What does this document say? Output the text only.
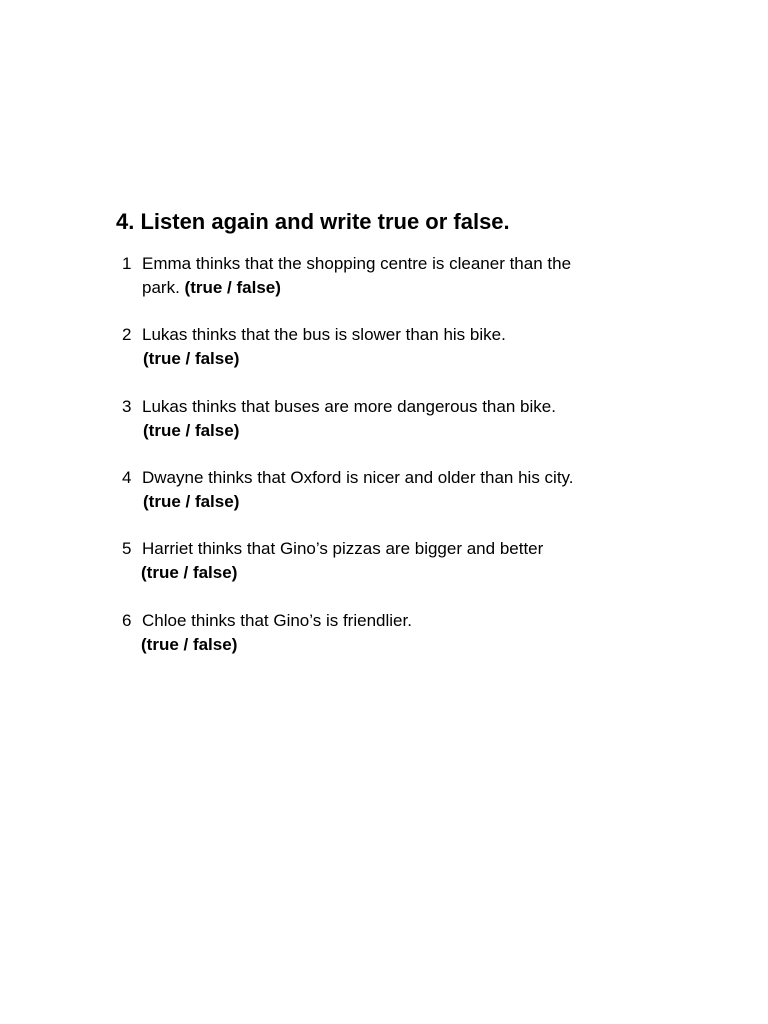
4. Listen again and write true or false.
1 Emma thinks that the shopping centre is cleaner than the
park. (true / false)
2 Lukas thinks that the bus is slower than his bike.
(true / false)
3 Lukas thinks that buses are more dangerous than bike.
(true / false)
4 Dwayne thinks that Oxford is nicer and older than his city.
(true / false)
5 Harriet thinks that Gino’s pizzas are bigger and better
(true / false)
6 Chloe thinks that Gino’s is friendlier.
(true / false)
